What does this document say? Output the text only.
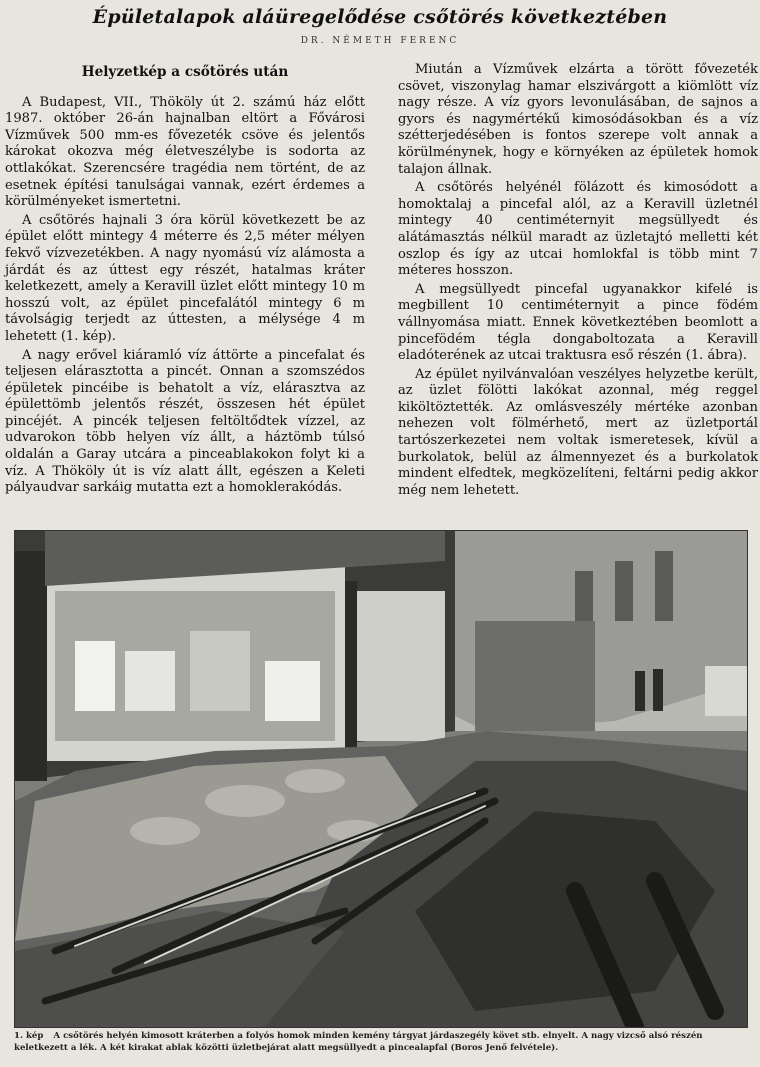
Épületalapok aláüregelődése csőtörés következtében
DR. NÉMETH FERENC
Helyzetkép a csőtörés után

A Budapest, VII., Thököly út 2. számú ház előtt 1987. október 26-án hajnalban eltört a Fővárosi Vízművek 500 mm-es fővezeték csöve és jelentős károkat okozva még életveszélybe is sodorta az ottlakókat. Szerencsére tragédia nem történt, de az esetnek építési tanulságai vannak, ezért érdemes a körülményeket ismertetni.

A csőtörés hajnali 3 óra körül következett be az épület előtt mintegy 4 méterre és 2,5 méter mélyen fekvő vízvezetékben. A nagy nyomású víz alámosta a járdát és az úttest egy részét, hatalmas kráter keletkezett, amely a Keravill üzlet előtt mintegy 10 m hosszú volt, az épület pincefalától mintegy 6 m távolságig terjedt az úttesten, a mélysége 4 m lehetett (1. kép).

A nagy erővel kiáramló víz áttörte a pincefalat és teljesen elárasztotta a pincét. Onnan a szomszédos épületek pincéibe is behatolt a víz, elárasztva az épülettömb jelentős részét, összesen hét épület pincéjét. A pincék teljesen feltöltődtek vízzel, az udvarokon több helyen víz állt, a háztömb túlsó oldalán a Garay utcára a pinceablakokon folyt ki a víz. A Thököly út is víz alatt állt, egészen a Keleti pályaudvar sarkáig mutatta ezt a homoklerakódás.

Miután a Vízművek elzárta a törött fővezeték csövet, viszonylag hamar elszivárgott a kiömlött víz nagy része. A víz gyors levonulásában, de sajnos a gyors és nagymértékű kimosódásokban és a víz szétterjedésében is fontos szerepe volt annak a körülménynek, hogy e környéken az épületek homok talajon állnak.

A csőtörés helyénél fölázott és kimosódott a homoktalaj a pincefal alól, az a Keravill üzletnél mintegy 40 centiméternyit megsüllyedt és alátámasztás nélkül maradt az üzletajtó melletti két oszlop és így az utcai homlokfal is több mint 7 méteres hosszon.

A megsüllyedt pincefal ugyanakkor kifelé is megbillent 10 centiméternyit a pince födém vállnyomása miatt. Ennek következtében beomlott a pincefödém tégla dongaboltozata a Keravill eladóterének az utcai traktusra eső részén (1. ábra).

Az épület nyilvánvalóan veszélyes helyzetbe került, az üzlet fölötti lakókat azonnal, még reggel kiköltöztették. Az omlásveszély mértéke azonban nehezen volt fölmérhető, mert az üzletportál tartószerkezetei nem voltak ismeretesek, kívül a burkolatok, belül az álmennyezet és a burkolatok mindent elfedtek, megközelíteni, feltárni pedig akkor még nem lehetett.

1. kép A csőtörés helyén kimosott kráterben a folyós homok minden kemény tárgyat járdaszegély követ stb. elnyelt. A nagy vizcső alsó részén keletkezett a lék. A két kirakat ablak közötti üzletbejárat alatt megsüllyedt a pincealapfal (Boros Jenő felvétele).
